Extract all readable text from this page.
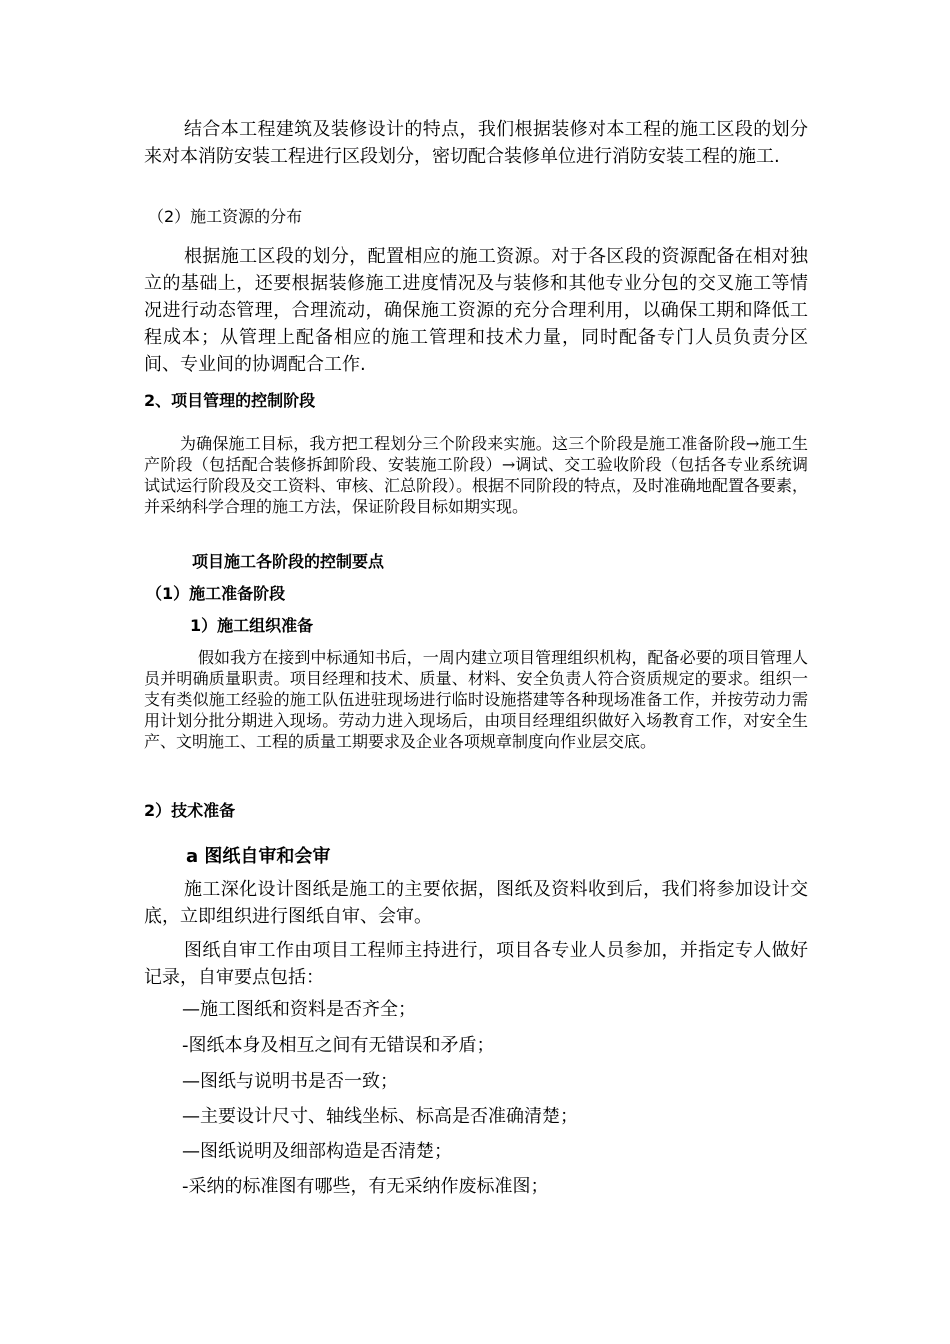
结合本工程建筑及装修设计的特点，我们根据装修对本工程的施工区段的划分来对本消防安装工程进行区段划分，密切配合装修单位进行消防安装工程的施工.

（2）施工资源的分布

根据施工区段的划分，配置相应的施工资源。对于各区段的资源配备在相对独立的基础上，还要根据装修施工进度情况及与装修和其他专业分包的交叉施工等情况进行动态管理，合理流动，确保施工资源的充分合理利用，以确保工期和降低工程成本；从管理上配备相应的施工管理和技术力量，同时配备专门人员负责分区间、专业间的协调配合工作.

2、项目管理的控制阶段

为确保施工目标，我方把工程划分三个阶段来实施。这三个阶段是施工准备阶段→施工生产阶段（包括配合装修拆卸阶段、安装施工阶段）→调试、交工验收阶段（包括各专业系统调试试运行阶段及交工资料、审核、汇总阶段）。根据不同阶段的特点，及时准确地配置各要素，并采纳科学合理的施工方法，保证阶段目标如期实现。

项目施工各阶段的控制要点
（1）施工准备阶段
1）施工组织准备

假如我方在接到中标通知书后，一周内建立项目管理组织机构，配备必要的项目管理人员并明确质量职责。项目经理和技术、质量、材料、安全负责人符合资质规定的要求。组织一支有类似施工经验的施工队伍进驻现场进行临时设施搭建等各种现场准备工作，并按劳动力需用计划分批分期进入现场。劳动力进入现场后，由项目经理组织做好入场教育工作，对安全生产、文明施工、工程的质量工期要求及企业各项规章制度向作业层交底。

2）技术准备
a 图纸自审和会审

施工深化设计图纸是施工的主要依据，图纸及资料收到后，我们将参加设计交底，立即组织进行图纸自审、会审。

图纸自审工作由项目工程师主持进行，项目各专业人员参加，并指定专人做好记录，自审要点包括：

—施工图纸和资料是否齐全；
-图纸本身及相互之间有无错误和矛盾；
—图纸与说明书是否一致；
—主要设计尺寸、轴线坐标、标高是否准确清楚；
—图纸说明及细部构造是否清楚；
-采纳的标准图有哪些，有无采纳作废标准图；
